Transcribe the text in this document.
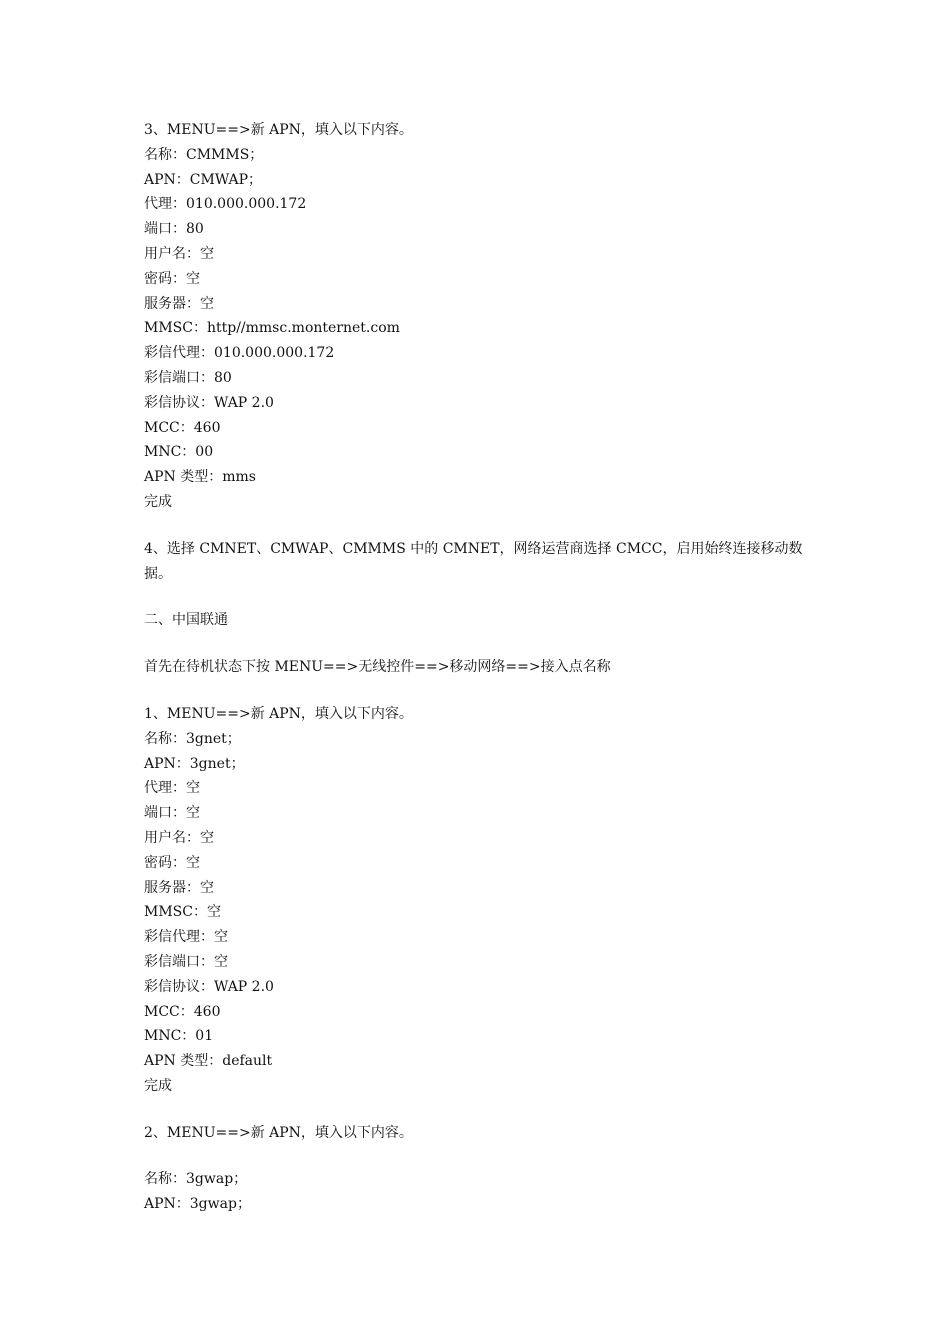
3、MENU==>新 APN，填入以下内容。

名称：CMMMS；

APN：CMWAP；

代理：010.000.000.172

端口：80

用户名：空

密码：空

服务器：空

MMSC：http//mmsc.monternet.com

彩信代理：010.000.000.172

彩信端口：80

彩信协议：WAP 2.0

MCC：460

MNC：00

APN 类型：mms

完成

4、选择 CMNET、CMWAP、CMMMS 中的 CMNET，网络运营商选择 CMCC，启用始终连接移动数据。

二、中国联通

首先在待机状态下按 MENU==>无线控件==>移动网络==>接入点名称

1、MENU==>新 APN，填入以下内容。

名称：3gnet；

APN：3gnet；

代理：空

端口：空

用户名：空

密码：空

服务器：空

MMSC：空

彩信代理：空

彩信端口：空

彩信协议：WAP 2.0

MCC：460

MNC：01

APN 类型：default

完成

2、MENU==>新 APN，填入以下内容。

名称：3gwap；

APN：3gwap；
